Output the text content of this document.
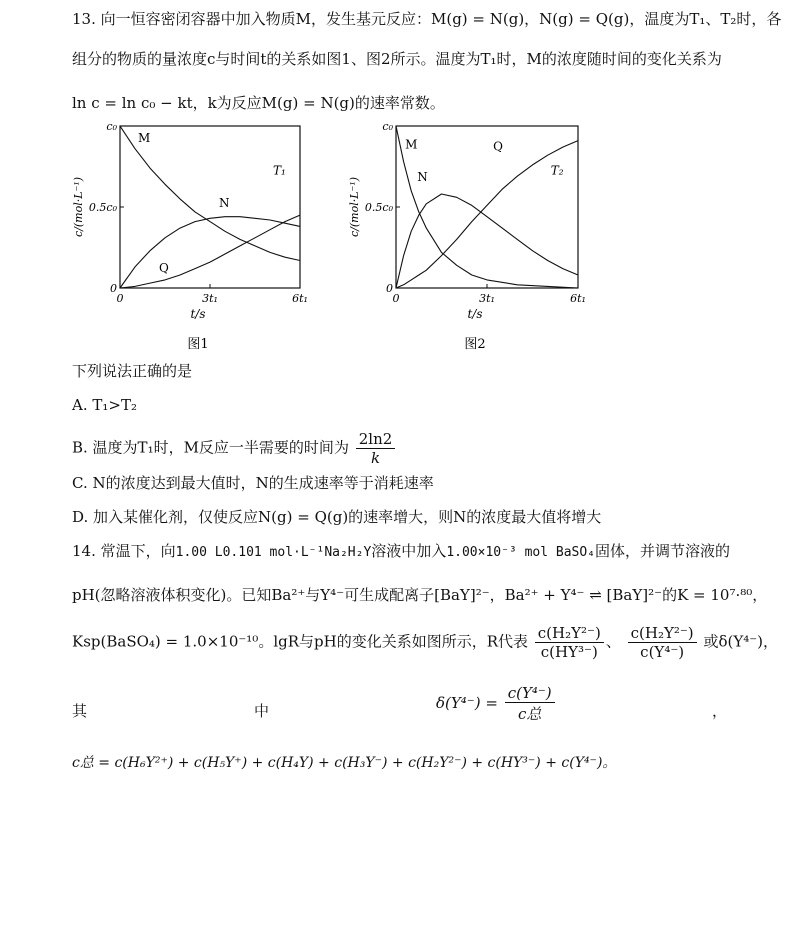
13. 向一恒容密闭容器中加入物质M，发生基元反应：M(g) = N(g)，N(g) = Q(g)，温度为T₁、T₂时，各
组分的物质的量浓度c与时间t的关系如图1、图2所示。温度为T₁时，M的浓度随时间的变化关系为
ln c = ln c₀ − kt，k为反应M(g) = N(g)的速率常数。
0	3t₁	6t₁
0
0.5c₀
c₀
t/s
c/(mol·L⁻¹)
M
N
Q
T₁
图1
0	3t₁	6t₁
0
0.5c₀
c₀
t/s
c/(mol·L⁻¹)
M
N
Q
T₂
图2
下列说法正确的是
A. T₁>T₂
B. 温度为T₁时，M反应一半需要的时间为 $\frac{2\ln 2}{k}$
C. N的浓度达到最大值时，N的生成速率等于消耗速率
D. 加入某催化剂，仅使反应N(g) = Q(g)的速率增大，则N的浓度最大值将增大
14. 常温下，向1.00 L0.101 mol·L⁻¹Na₂H₂Y溶液中加入1.00×10⁻³ mol BaSO₄固体，并调节溶液的
pH(忽略溶液体积变化)。已知Ba²⁺与Y⁴⁻可生成配离子[BaY]²⁻，Ba²⁺ + Y⁴⁻ ⇌ [BaY]²⁻的K = 10⁷·⁸⁰，
Ksp(BaSO₄) = 1.0×10⁻¹⁰。lgR与pH的变化关系如图所示，R代表 $\frac{\text{c(H₂Y²⁻)}}{\text{c(HY³⁻)}}$ 、 $\frac{\text{c(H₂Y²⁻)}}{\text{c(Y⁴⁻)}}$ 或δ(Y⁴⁻)，
其	中	$\delta(Y^{4-}) = \frac{\text{c(Y⁴⁻)}}{\text{c总}}$	，
c总 = c(H₆Y²⁺) + c(H₅Y⁺) + c(H₄Y) + c(H₃Y⁻) + c(H₂Y²⁻) + c(HY³⁻) + c(Y⁴⁻)。
